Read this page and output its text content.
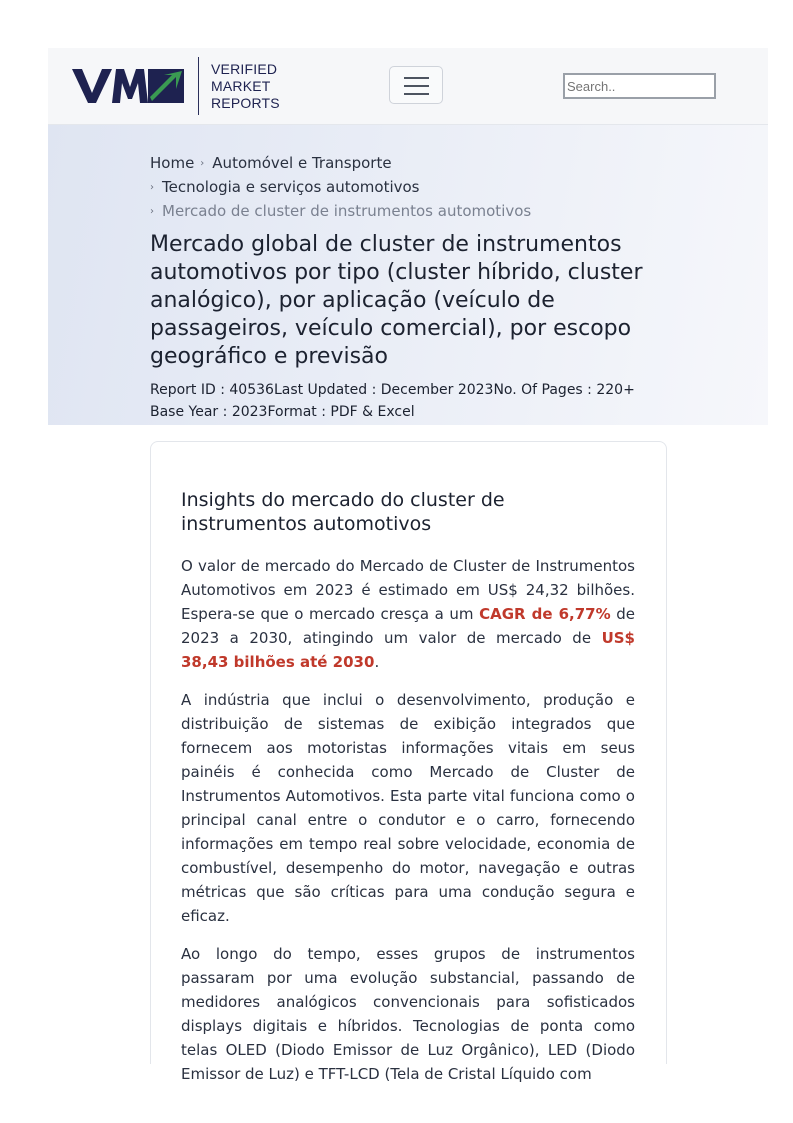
VERIFIED
MARKET
REPORTS
Search..
Home › Automóvel e Transporte
› Tecnologia e serviços automotivos
› Mercado de cluster de instrumentos automotivos
Mercado global de cluster de instrumentos automotivos por tipo (cluster híbrido, cluster analógico), por aplicação (veículo de passageiros, veículo comercial), por escopo geográfico e previsão
Report ID : 40536Last Updated : December 2023No. Of Pages : 220+
Base Year : 2023Format : PDF & Excel
Insights do mercado do cluster de instrumentos automotivos

O valor de mercado do Mercado de Cluster de Instrumentos Automotivos em 2023 é estimado em US$ 24,32 bilhões. Espera-se que o mercado cresça a um CAGR de 6,77% de 2023 a 2030, atingindo um valor de mercado de US$ 38,43 bilhões até 2030.

A indústria que inclui o desenvolvimento, produção e distribuição de sistemas de exibição integrados que fornecem aos motoristas informações vitais em seus painéis é conhecida como Mercado de Cluster de Instrumentos Automotivos. Esta parte vital funciona como o principal canal entre o condutor e o carro, fornecendo informações em tempo real sobre velocidade, economia de combustível, desempenho do motor, navegação e outras métricas que são críticas para uma condução segura e eficaz.

Ao longo do tempo, esses grupos de instrumentos passaram por uma evolução substancial, passando de medidores analógicos convencionais para sofisticados displays digitais e híbridos. Tecnologias de ponta como telas OLED (Diodo Emissor de Luz Orgânico), LED (Diodo Emissor de Luz) e TFT-LCD (Tela de Cristal Líquido com
